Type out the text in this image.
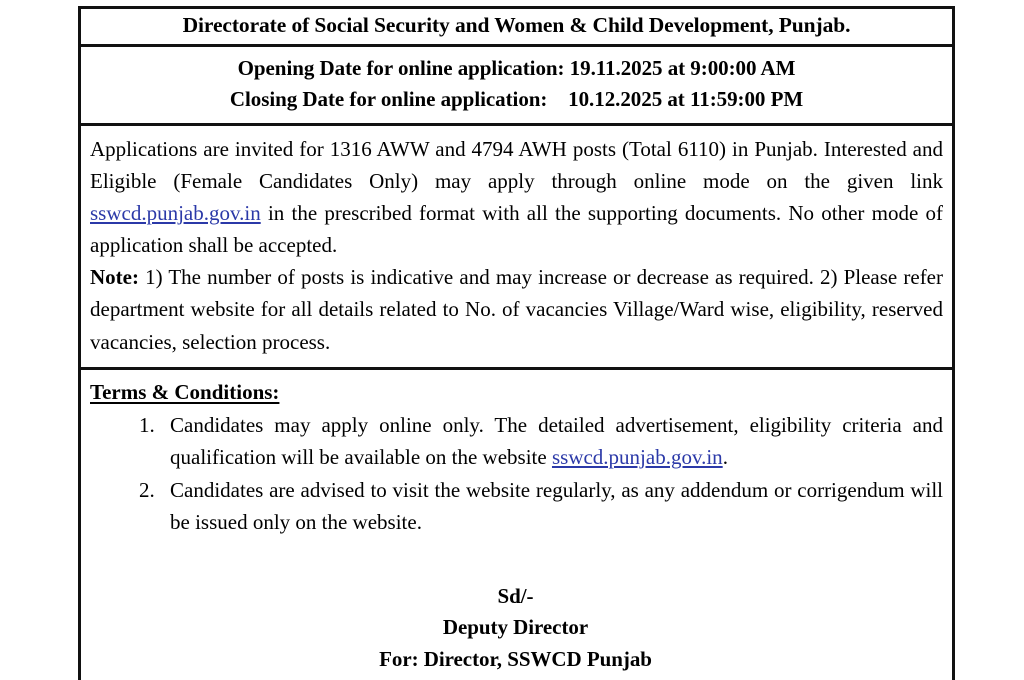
Directorate of Social Security and Women & Child Development, Punjab.
Opening Date for online application: 19.11.2025 at 9:00:00 AM
Closing Date for online application:    10.12.2025 at 11:59:00 PM

Applications are invited for 1316 AWW and 4794 AWH posts (Total 6110) in Punjab. Interested and Eligible (Female Candidates Only) may apply through online mode on the given link sswcd.punjab.gov.in in the prescribed format with all the supporting documents. No other mode of application shall be accepted.

Note: 1) The number of posts is indicative and may increase or decrease as required. 2) Please refer department website for all details related to No. of vacancies Village/Ward wise, eligibility, reserved vacancies, selection process.

Terms & Conditions:
1. Candidates may apply online only. The detailed advertisement, eligibility criteria and qualification will be available on the website sswcd.punjab.gov.in.
2. Candidates are advised to visit the website regularly, as any addendum or corrigendum will be issued only on the website.
Sd/-
Deputy Director
For: Director, SSWCD Punjab
